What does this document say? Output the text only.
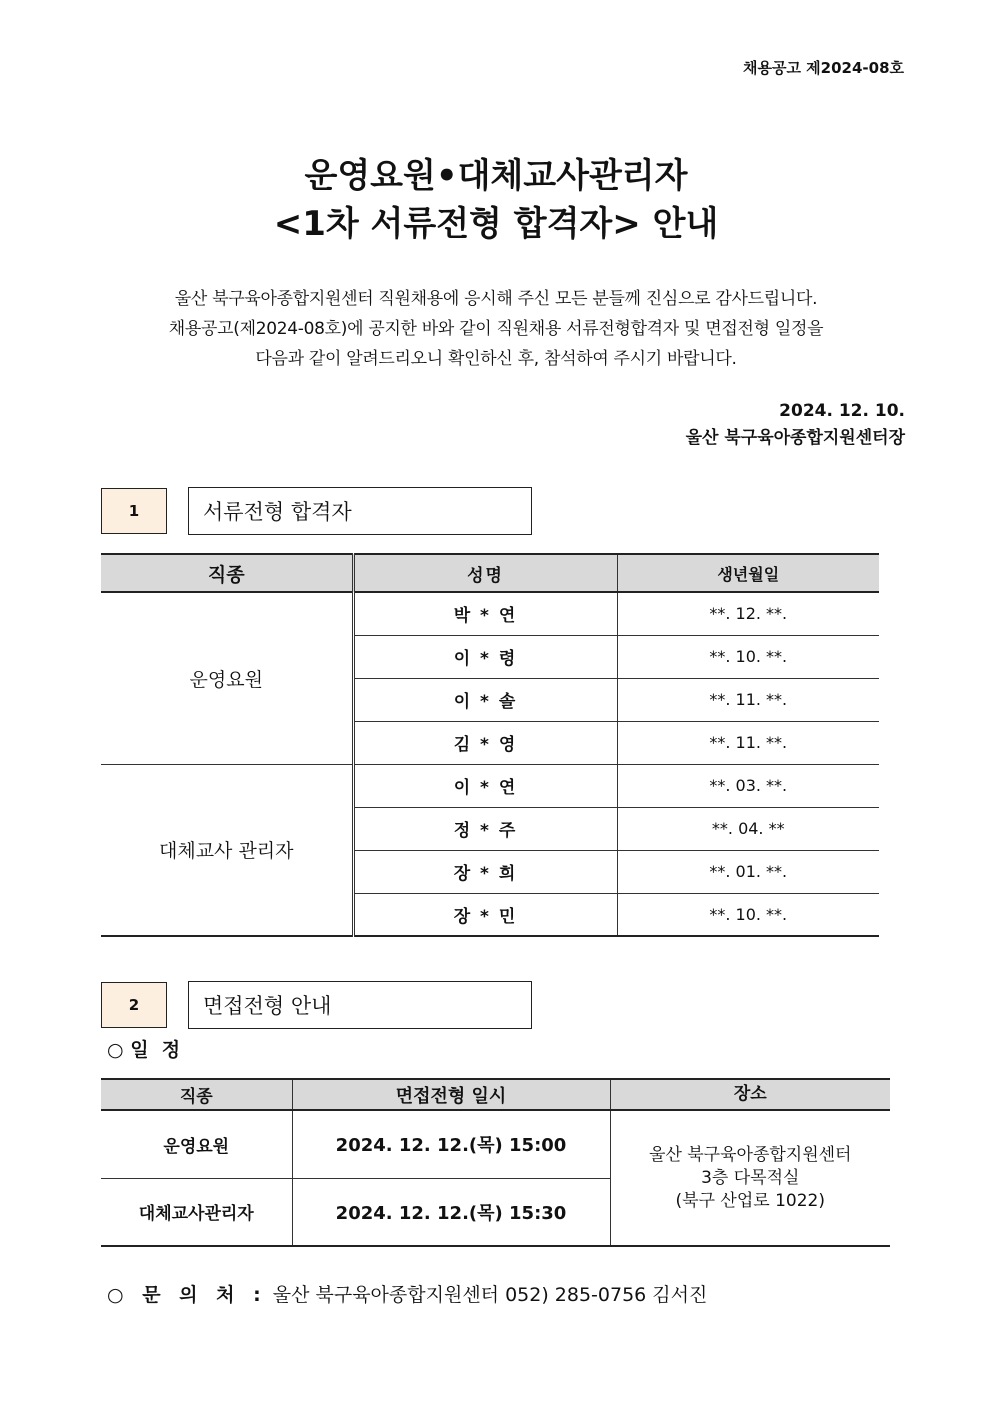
채용공고 제2024-08호
운영요원•대체교사관리자
<1차 서류전형 합격자> 안내
울산 북구육아종합지원센터 직원채용에 응시해 주신 모든 분들께 진심으로 감사드립니다.
채용공고(제2024-08호)에 공지한 바와 같이 직원채용 서류전형합격자 및 면접전형 일정을
다음과 같이 알려드리오니 확인하신 후, 참석하여 주시기 바랍니다.
2024. 12. 10.
울산 북구육아종합지원센터장
1	서류전형 합격자
직종	성명	생년월일
운영요원	박 * 연	**. 12. **.
	이 * 령	**. 10. **.
	이 * 솔	**. 11. **.
	김 * 영	**. 11. **.
대체교사 관리자	이 * 연	**. 03. **.
	정 * 주	**. 04. **
	장 * 희	**. 01. **.
	장 * 민	**. 10. **.
2	면접전형 안내
○ 일  정
직종	면접전형 일시	장소
운영요원	2024. 12. 12.(목) 15:00	울산 북구육아종합지원센터
3층 다목적실
(북구 산업로 1022)

대체교사관리자	2024. 12. 12.(목) 15:30	
○ 문 의 처 : 울산 북구육아종합지원센터 052) 285-0756 김서진
